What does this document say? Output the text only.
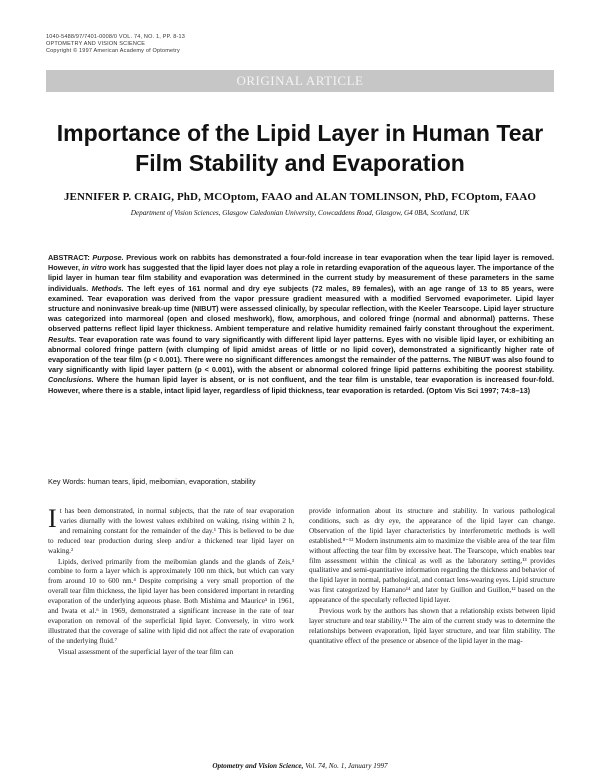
1040-5488/97/7401-0008/0 VOL. 74, NO. 1, PP. 8-13
OPTOMETRY AND VISION SCIENCE
Copyright © 1997 American Academy of Optometry
ORIGINAL ARTICLE
Importance of the Lipid Layer in Human Tear
Film Stability and Evaporation
JENNIFER P. CRAIG, PhD, MCOptom, FAAO and ALAN TOMLINSON, PhD, FCOptom, FAAO
Department of Vision Sciences, Glasgow Caledonian University, Cowcaddens Road, Glasgow, G4 0BA, Scotland, UK
ABSTRACT: Purpose. Previous work on rabbits has demonstrated a four-fold increase in tear evaporation when the tear lipid layer is removed. However, in vitro work has suggested that the lipid layer does not play a role in retarding evaporation of the aqueous layer. The importance of the lipid layer in human tear film stability and evaporation was determined in the current study by measurement of these parameters in the same individuals. Methods. The left eyes of 161 normal and dry eye subjects (72 males, 89 females), with an age range of 13 to 85 years, were examined. Tear evaporation was derived from the vapor pressure gradient measured with a modified Servomed evaporimeter. Lipid layer structure and noninvasive break-up time (NIBUT) were assessed clinically, by specular reflection, with the Keeler Tearscope. Lipid layer structure was categorized into marmoreal (open and closed meshwork), flow, amorphous, and colored fringe (normal and abnormal) patterns. These observed patterns reflect lipid layer thickness. Ambient temperature and relative humidity remained fairly constant throughout the experiment. Results. Tear evaporation rate was found to vary significantly with different lipid layer patterns. Eyes with no visible lipid layer, or exhibiting an abnormal colored fringe pattern (with clumping of lipid amidst areas of little or no lipid cover), demonstrated a significantly higher rate of evaporation of the tear film (p < 0.001). There were no significant differences amongst the remainder of the patterns. The NIBUT was also found to vary significantly with lipid layer pattern (p < 0.001), with the absent or abnormal colored fringe lipid patterns exhibiting the poorest stability. Conclusions. Where the human lipid layer is absent, or is not confluent, and the tear film is unstable, tear evaporation is increased four-fold. However, where there is a stable, intact lipid layer, regardless of lipid thickness, tear evaporation is retarded. (Optom Vis Sci 1997; 74:8–13)
Key Words: human tears, lipid, meibomian, evaporation, stability

It has been demonstrated, in normal subjects, that the rate of tear evaporation varies diurnally with the lowest values exhibited on waking, rising within 2 h, and remaining constant for the remainder of the day.¹ This is believed to be due to reduced tear production during sleep and/or a thickened tear lipid layer on waking.²

Lipids, derived primarily from the meibomian glands and the glands of Zeis,³ combine to form a layer which is approximately 100 nm thick, but which can vary from around 10 to 600 nm.⁴ Despite comprising a very small proportion of the overall tear film thickness, the lipid layer has been considered important in retarding evaporation of the underlying aqueous phase. Both Mishima and Maurice⁵ in 1961, and Iwata et al.⁶ in 1969, demonstrated a significant increase in the rate of tear evaporation on removal of the superficial lipid layer. Conversely, in vitro work illustrated that the coverage of saline with lipid did not affect the rate of evaporation of the underlying fluid.⁷

Visual assessment of the superficial layer of the tear film can

provide information about its structure and stability. In various pathological conditions, such as dry eye, the appearance of the lipid layer can change. Observation of the lipid layer characteristics by interferometric methods is well established.⁸⁻¹² Modern instruments aim to maximize the visible area of the tear film without affecting the tear film by excessive heat. The Tearscope, which enables tear film assessment within the clinical as well as the laboratory setting,¹³ provides qualitative and semi-quantitative information regarding the thickness and behavior of the lipid layer in normal, pathological, and contact lens-wearing eyes. Lipid structure was first categorized by Hamano¹⁴ and later by Guillon and Guillon,¹² based on the appearance of the specularly reflected lipid layer.

Previous work by the authors has shown that a relationship exists between lipid layer structure and tear stability.¹⁵ The aim of the current study was to determine the relationships between evaporation, lipid layer structure, and tear film stability. The quantitative effect of the presence or absence of the lipid layer in the mag-

Optometry and Vision Science, Vol. 74, No. 1, January 1997
